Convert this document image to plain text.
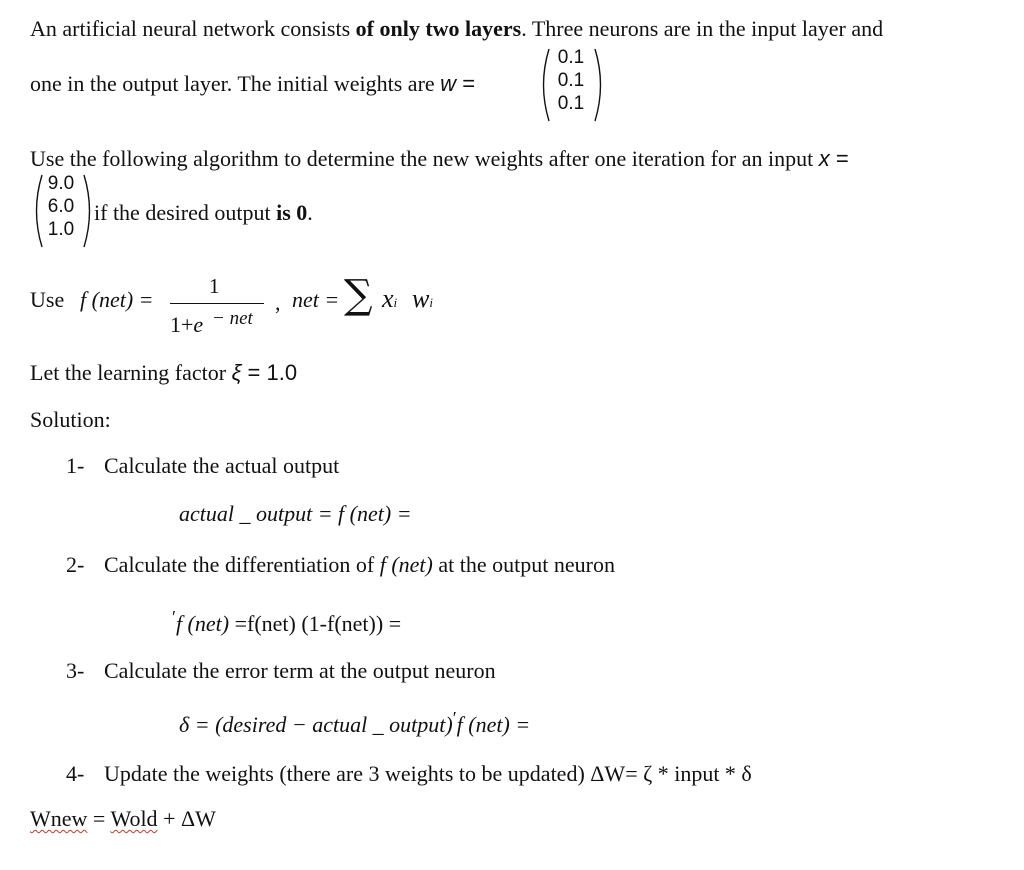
An artificial neural network consists of only two layers. Three neurons are in the input layer and
one in the output layer. The initial weights are w =
0.1
0.1
0.1
Use the following algorithm to determine the new weights after one iteration for an input x =
9.0
6.0
1.0
if the desired output is 0.
Use f (net) =
1
1+e − net
, net = ∑ xi wi
Let the learning factor ξ = 1.0
Solution:
1- Calculate the actual output
actual _ output = f (net) =
2- Calculate the differentiation of f (net) at the output neuron
′f (net) =f(net) (1-f(net)) =
3- Calculate the error term at the output neuron
δ = (desired − actual _ output)′f (net) =
4- Update the weights (there are 3 weights to be updated) ΔW= ζ * input * δ
Wnew = Wold + ΔW
